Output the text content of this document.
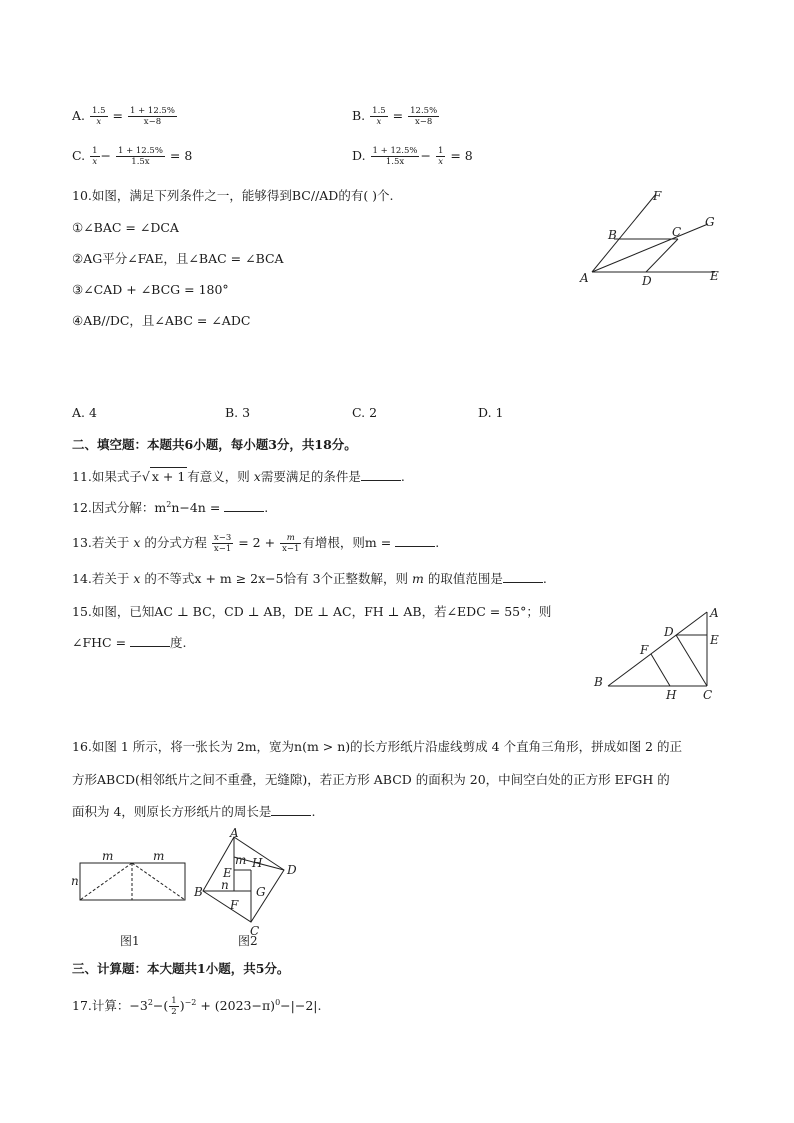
A. $\frac{1.5}{x} = \frac{1 + 12.5\%}{x-8}$	B. $\frac{1.5}{x} = \frac{12.5\%}{x-8}$
C. $\frac{1}{x} - \frac{1 + 12.5\%}{1.5x} = 8$	D. $\frac{1 + 12.5\%}{1.5x} - \frac{1}{x} = 8$
10.如图，满足下列条件之一，能够得到BC//AD的有( )个.
①∠BAC = ∠DCA
②AG平分∠FAE，且∠BAC = ∠BCA
③∠CAD + ∠BCG = 180°
④AB//DC，且∠ABC = ∠ADC
F
G
B	C
A	D	E
A. 4	B. 3	C. 2	D. 1
二、填空题：本题共6小题，每小题3分，共18分。
11.如果式子√ x + 1 有意义，则 x需要满足的条件是	.
12.因式分解：$m^2n-4n$ =	.
13.若关于 x 的分式方程 $\frac{x-3}{x-1} = 2 + \frac{m}{x-1}$ 有增根，则m =	.
14.若关于 x 的不等式x + m ≥ 2x−5恰有 3个正整数解，则 m 的取值范围是	.
15.如图，已知AC ⊥ BC，CD ⊥ AB，DE ⊥ AC，FH ⊥ AB，若∠EDC = 55°；则
∠FHC =	度.
A
D
E
F
B
H C
16.如图 1 所示，将一张长为 2m，宽为n(m > n)的长方形纸片沿虚线剪成 4 个直角三角形，拼成如图 2 的正
方形ABCD(相邻纸片之间不重叠，无缝隙)，若正方形 ABCD 的面积为 20，中间空白处的正方形 EFGH 的
面积为 4，则原长方形纸片的周长是	.
m	m
n
图1
A
B
C
D
E
F
G
H
m
n
图2
三、计算题：本大题共1小题，共5分。
17.计算：$-3^2-( \frac{1}{2} )^{-2} + (2023-\pi)^0-|-2|$.
